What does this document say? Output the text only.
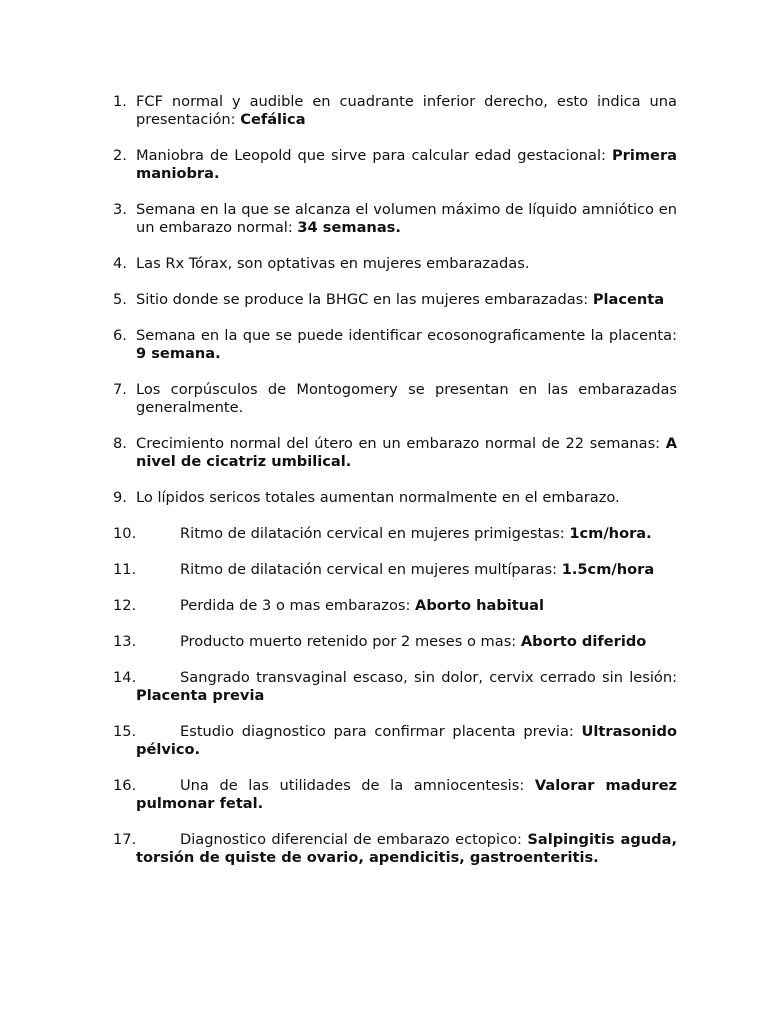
1. FCF normal y audible en cuadrante inferior derecho, esto indica una presentación: Cefálica
2. Maniobra de Leopold que sirve para calcular edad gestacional: Primera maniobra.
3. Semana en la que se alcanza el volumen máximo de líquido amniótico en un embarazo normal: 34 semanas.
4. Las Rx Tórax, son optativas en mujeres embarazadas.
5. Sitio donde se produce la BHGC en las mujeres embarazadas: Placenta
6. Semana en la que se puede identificar ecosonograficamente la placenta: 9 semana.
7. Los corpúsculos de Montogomery se presentan en las embarazadas generalmente.
8. Crecimiento normal del útero en un embarazo normal de 22 semanas: A nivel de cicatriz umbilical.
9. Lo lípidos sericos totales aumentan normalmente en el embarazo.
10.	Ritmo de dilatación cervical en mujeres primigestas: 1cm/hora.
11.	Ritmo de dilatación cervical en mujeres multíparas: 1.5cm/hora
12.	Perdida de 3 o mas embarazos: Aborto habitual
13.	Producto muerto retenido por 2 meses o mas: Aborto diferido
14.	Sangrado transvaginal escaso, sin dolor, cervix cerrado sin lesión: Placenta previa
15.	Estudio diagnostico para confirmar placenta previa: Ultrasonido pélvico.
16.	Una de las utilidades de la amniocentesis: Valorar madurez pulmonar fetal.
17.	Diagnostico diferencial de embarazo ectopico: Salpingitis aguda, torsión de quiste de ovario, apendicitis, gastroenteritis.
